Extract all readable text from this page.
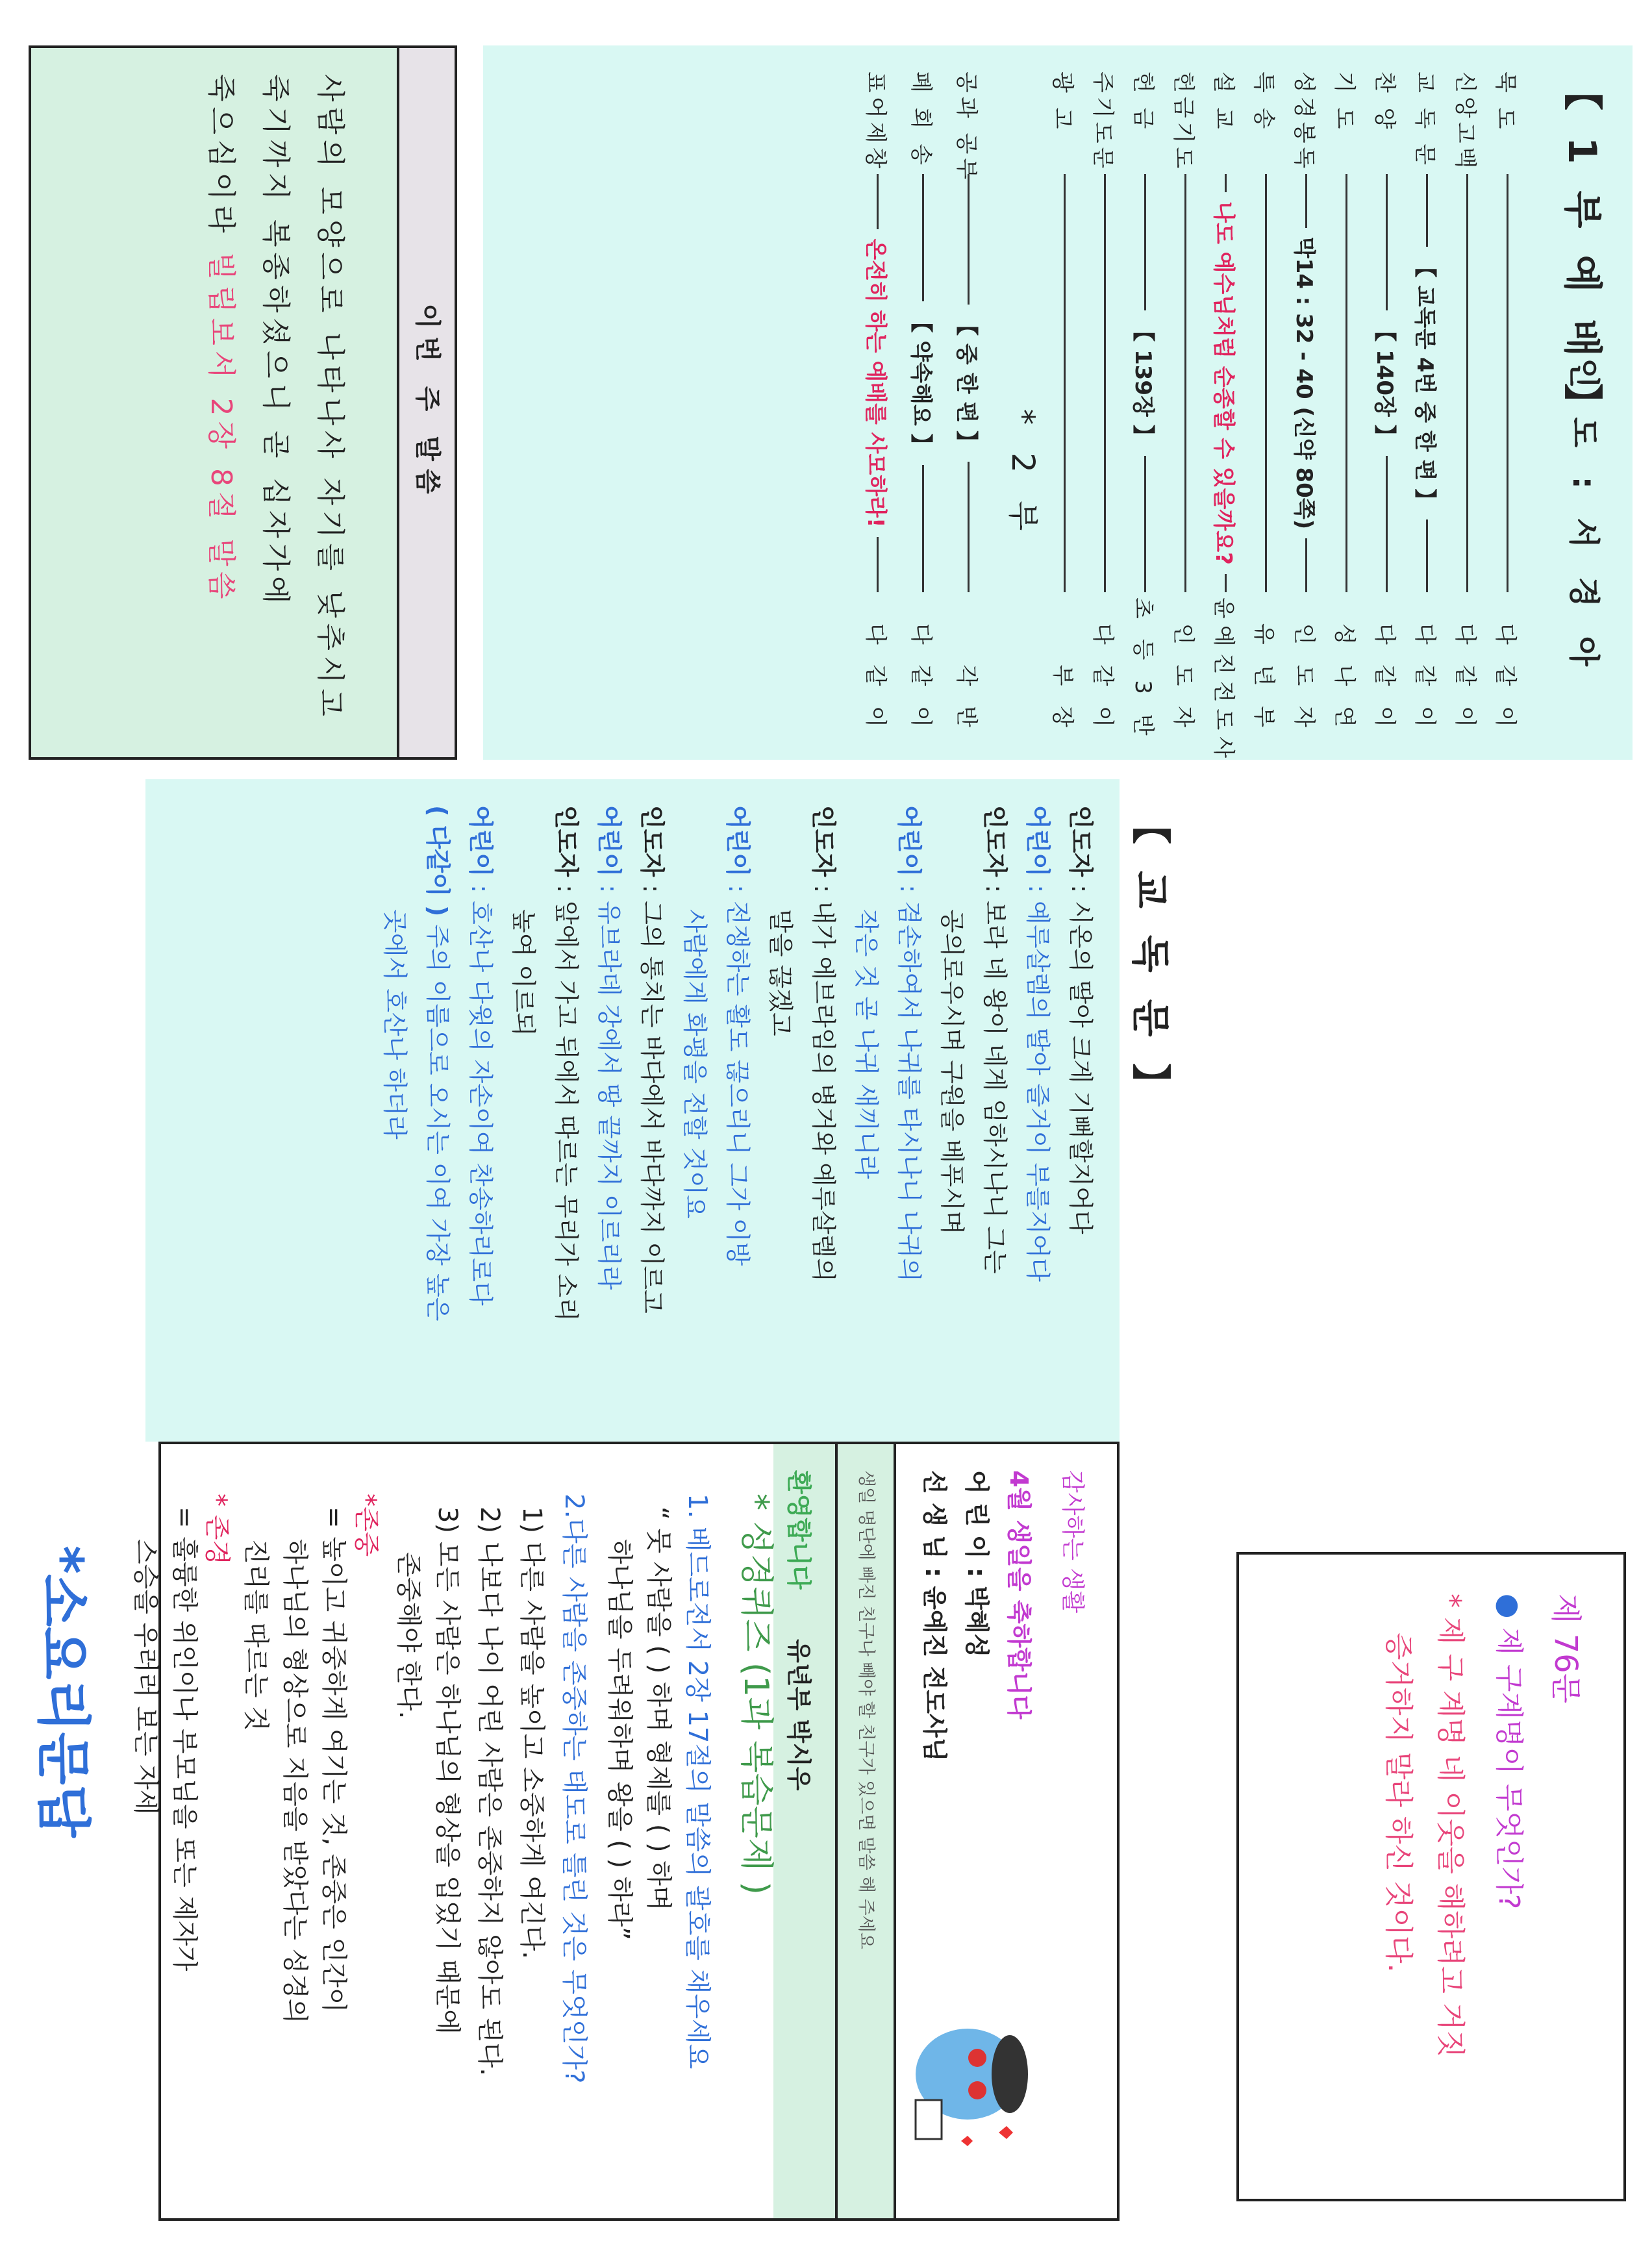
【 1 부 예 배 】
인 도 : 서 경 아
묵 도
다 같 이
신앙고백
다 같 이
교 독 문
【 교독문 4번 중 한 편 】
다 같 이
찬 양
【 140장 】
다 같 이
기 도
성 나 연
성경봉독
막14 : 32 - 40 (신약 80쪽)
인 도 자
특 송
유 년 부
설 교
나도 예수님처럼 순종할 수 있을까요?
윤예진전도사
헌금기도
인 도 자
헌 금
【 139장 】
초 등 3 반
주기도문
다 같 이
광 고
부 장
* 2 부
공과 공부
【 중 한 편 】
각 반
폐 회 송
【 약속해요 】
다 같 이
표어제창
온전히 하는 예배를 사모하라!
다 같 이
이번 주 말씀
사람의 모양으로 나타나사 자기를 낮추시고
죽기까지 복종하셨으니 곧 십자가에
죽으심이라 빌립보서 2장 8절 말씀
【 교 독 문 】
인도자 : 시온의 딸아 크게 기뻐할지어다
어린이 : 예루살렘의 딸아 즐거이 부를지어다
인도자 : 보라 네 왕이 네게 임하시나니 그는
공의로우시며 구원을 베푸시며
어린이 : 겸손하여서 나귀를 타시나니 나귀의
작은 것 곧 나귀 새끼니라
인도자 : 내가 에브라임의 병거와 예루살렘의
말을 끊겠고
어린이 : 전쟁하는 활도 끊으리니 그가 이방
사람에게 화평을 전할 것이요
인도자 : 그의 통치는 바다에서 바다까지 이르고
어린이 : 유브라데 강에서 땅 끝까지 이르리라
인도자 : 앞에서 가고 뒤에서 따르는 무리가 소리
높여 이르되
어린이 : 호산나 다윗의 자손이여 찬송하리로다
( 다같이 ) 주의 이름으로 오시는 이여 가장 높은
곳에서 호산나 하더라
감사하는 생활
4월 생일을 축하합니다
어 린 이 : 박혜성
선 생 님 : 윤예진 전도사님
생일 명단에 빠진 친구나 빼야 할 친구가 있으면 말씀 해 주세요
환영합니다
유년부 박시우
* 성경퀴즈 (1과 복습문제 )
1. 베드로전서 2장 17절의 말씀의 괄호를 채우세요
“ 뭇 사람을 ( ) 하며 형제를 ( ) 하며
하나님을 두려워하며 왕을 ( ) 하라”
2.다른 사람을 존중하는 태도로 틀린 것은 무엇인가?
1) 다른 사람을 높이고 소중하게 여긴다.
2) 나보다 나이 어린 사람은 존중하지 않아도 된다.
3) 모든 사람은 하나님의 형상을 입었기 때문에
존중해야 한다.
*존중
= 높이고 귀중하게 여기는 것, 존중은 인간이
하나님의 형상으로 지음을 받았다는 성경의
진리를 따르는 것
* 존경
= 훌륭한 위인이나 부모님을 또는 제자가
스승을 우러러 보는 자세
*소요리문답	제 76문
● 제 구계명이 무엇인가?
* 제 구 계명 네 이웃을 해하려고 거짓
증거하지 말라 하신 것이다.
